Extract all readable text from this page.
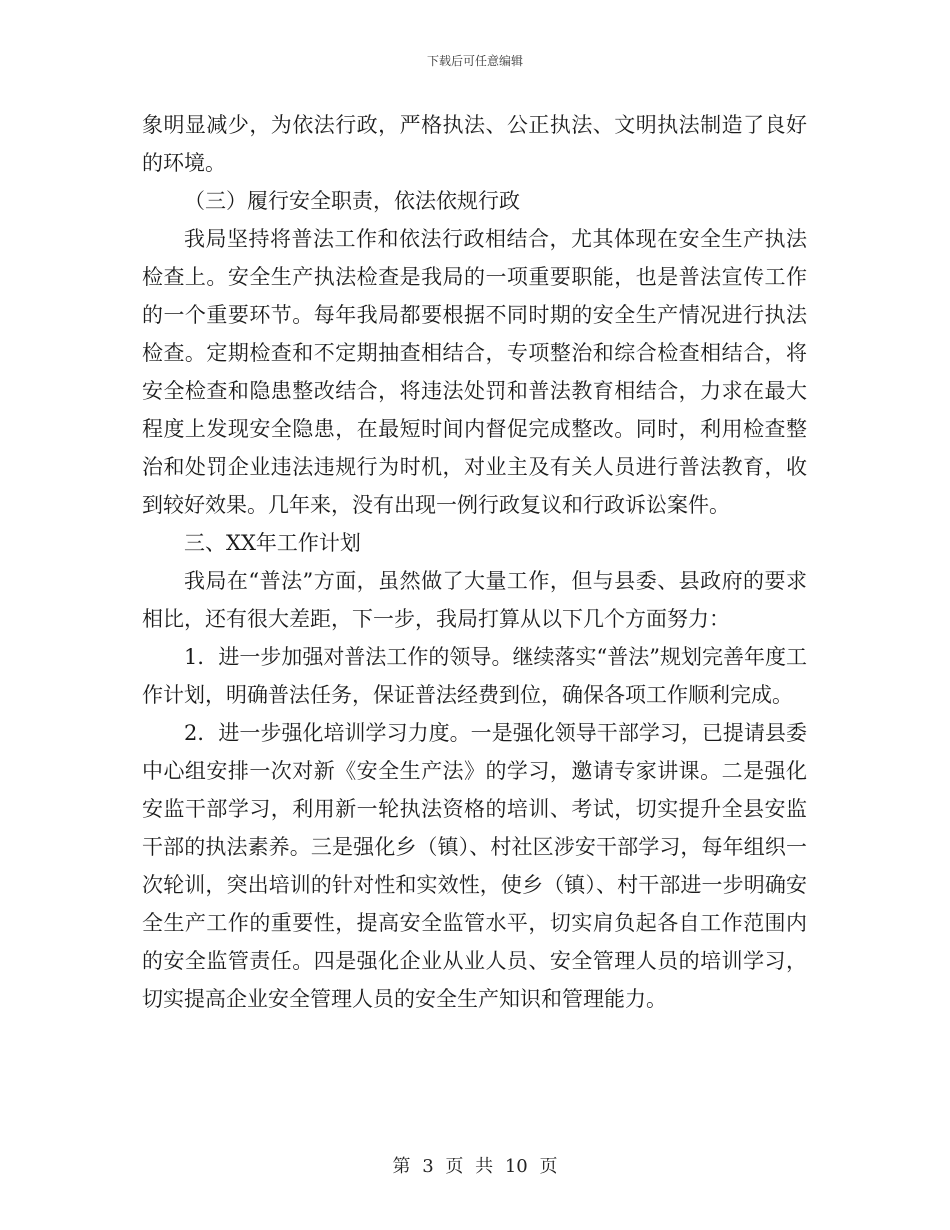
下载后可任意编辑

象明显减少，为依法行政，严格执法、公正执法、文明执法制造了良好的环境。

（三）履行安全职责，依法依规行政

我局坚持将普法工作和依法行政相结合，尤其体现在安全生产执法检查上。安全生产执法检查是我局的一项重要职能，也是普法宣传工作的一个重要环节。每年我局都要根据不同时期的安全生产情况进行执法检查。定期检查和不定期抽查相结合，专项整治和综合检查相结合，将安全检查和隐患整改结合，将违法处罚和普法教育相结合，力求在最大程度上发现安全隐患，在最短时间内督促完成整改。同时，利用检查整治和处罚企业违法违规行为时机，对业主及有关人员进行普法教育，收到较好效果。几年来，没有出现一例行政复议和行政诉讼案件。

三、XX年工作计划

我局在“普法”方面，虽然做了大量工作，但与县委、县政府的要求相比，还有很大差距，下一步，我局打算从以下几个方面努力：

1．进一步加强对普法工作的领导。继续落实“普法”规划完善年度工作计划，明确普法任务，保证普法经费到位，确保各项工作顺利完成。

2．进一步强化培训学习力度。一是强化领导干部学习，已提请县委中心组安排一次对新《安全生产法》的学习，邀请专家讲课。二是强化安监干部学习，利用新一轮执法资格的培训、考试，切实提升全县安监干部的执法素养。三是强化乡（镇）、村社区涉安干部学习，每年组织一次轮训，突出培训的针对性和实效性，使乡（镇）、村干部进一步明确安全生产工作的重要性，提高安全监管水平，切实肩负起各自工作范围内的安全监管责任。四是强化企业从业人员、安全管理人员的培训学习，切实提高企业安全管理人员的安全生产知识和管理能力。

第 3 页 共 10 页
